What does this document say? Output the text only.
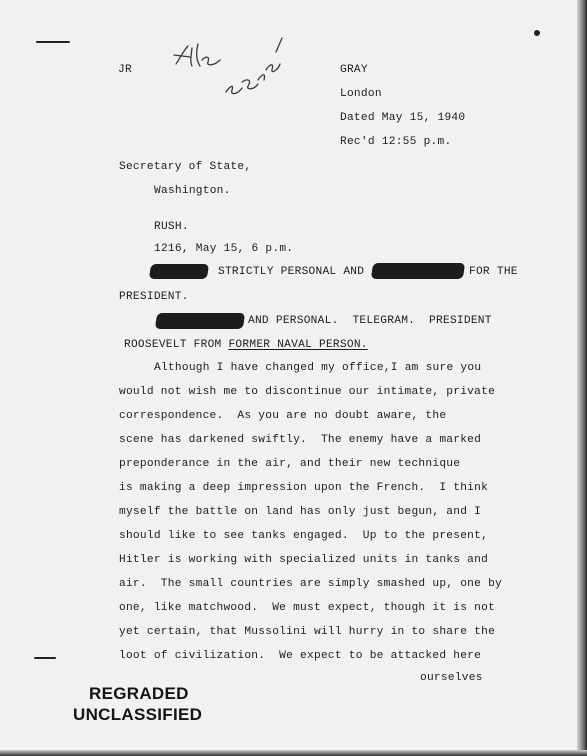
JR	GRAY
London
Dated May 15, 1940
Rec'd 12:55 p.m.
Secretary of State,
Washington.
RUSH.
1216, May 15, 6 p.m.
STRICTLY PERSONAL AND	FOR THE
PRESIDENT.
AND PERSONAL.  TELEGRAM.  PRESIDENT
ROOSEVELT FROM FORMER NAVAL PERSON.
Although I have changed my office,I am sure you
would not wish me to discontinue our intimate, private
correspondence.  As you are no doubt aware, the
scene has darkened swiftly.  The enemy have a marked
preponderance in the air, and their new technique
is making a deep impression upon the French.  I think
myself the battle on land has only just begun, and I
should like to see tanks engaged.  Up to the present,
Hitler is working with specialized units in tanks and
air.  The small countries are simply smashed up, one by
one, like matchwood.  We must expect, though it is not
yet certain, that Mussolini will hurry in to share the
loot of civilization.  We expect to be attacked here
ourselves
REGRADED
UNCLASSIFIED
